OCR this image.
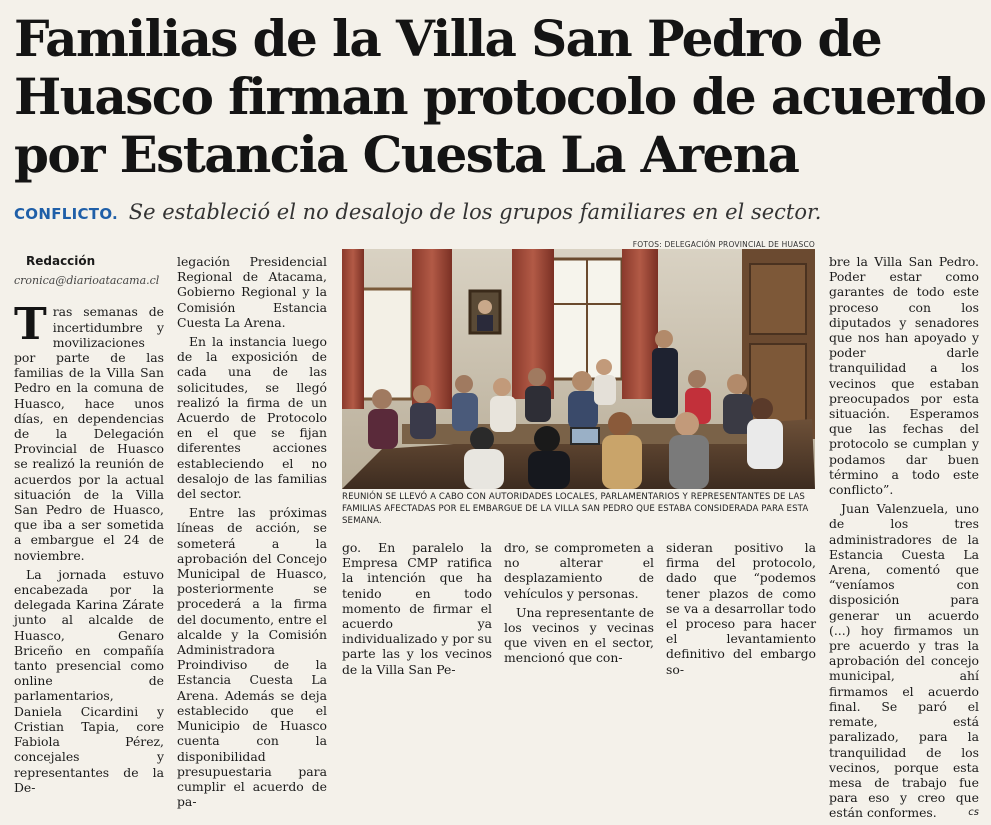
Familias de la Villa San Pedro de
Huasco firman protocolo de acuerdo
por Estancia Cuesta La Arena
CONFLICTO. Se estableció el no desalojo de los grupos familiares en el sector.

Redacción

cronica@diarioatacama.cl

Tras semanas de incertidumbre y movilizaciones por parte de las familias de la Villa San Pedro en la comuna de Huasco, hace unos días, en dependencias de la Delegación Provincial de Huasco se realizó la reunión de acuerdos por la actual situación de la Villa San Pedro de Huasco, que iba a ser sometida a embargue el 24 de noviembre.

La jornada estuvo encabezada por la delegada Karina Zárate junto al alcalde de Huasco, Genaro Briceño en compañía tanto presencial como online de parlamentarios, Daniela Cicardini y Cristian Tapia, core Fabiola Pérez, concejales y representantes de la De-

legación Presidencial Regional de Atacama, Gobierno Regional y la Comisión Estancia Cuesta La Arena.

En la instancia luego de la exposición de cada una de las solicitudes, se llegó realizó la firma de un Acuerdo de Protocolo en el que se fijan diferentes acciones estableciendo el no desalojo de las familias del sector.

Entre las próximas líneas de acción, se someterá a la aprobación del Concejo Municipal de Huasco, posteriormente se procederá a la firma del documento, entre el alcalde y la Comisión Administradora Proindiviso de la Estancia Cuesta La Arena. Además se deja establecido que el Municipio de Huasco cuenta con la disponibilidad presupuestaria para cumplir el acuerdo de pa-

FOTOS: DELEGACIÓN PROVINCIAL DE HUASCO
REUNIÓN SE LLEVÓ A CABO CON AUTORIDADES LOCALES, PARLAMENTARIOS Y REPRESENTANTES DE LAS FAMILIAS AFECTADAS POR EL EMBARGUE DE LA VILLA SAN PEDRO QUE ESTABA CONSIDERADA PARA ESTA SEMANA.

go. En paralelo la Empresa CMP ratifica la intención que ha tenido en todo momento de firmar el acuerdo ya individualizado y por su parte las y los vecinos de la Villa San Pe-

dro, se comprometen a no alterar el desplazamiento de vehículos y personas.

Una representante de los vecinos y vecinas que viven en el sector, mencionó que con-

sideran positivo la firma del protocolo, dado que “podemos tener plazos de como se va a desarrollar todo el proceso para hacer el levantamiento definitivo del embargo so-

bre la Villa San Pedro. Poder estar como garantes de todo este proceso con los diputados y senadores que nos han apoyado y poder darle tranquilidad a los vecinos que estaban preocupados por esta situación. Esperamos que las fechas del protocolo se cumplan y podamos dar buen término a todo este conflicto”.

Juan Valenzuela, uno de los tres administradores de la Estancia Cuesta La Arena, comentó que “veníamos con disposición para generar un acuerdo (...) hoy firmamos un pre acuerdo y tras la aprobación del concejo municipal, ahí firmamos el acuerdo final. Se paró el remate, está paralizado, para la tranquilidad de los vecinos, porque esta mesa de trabajo fue para eso y creo que están conformes.	cs
